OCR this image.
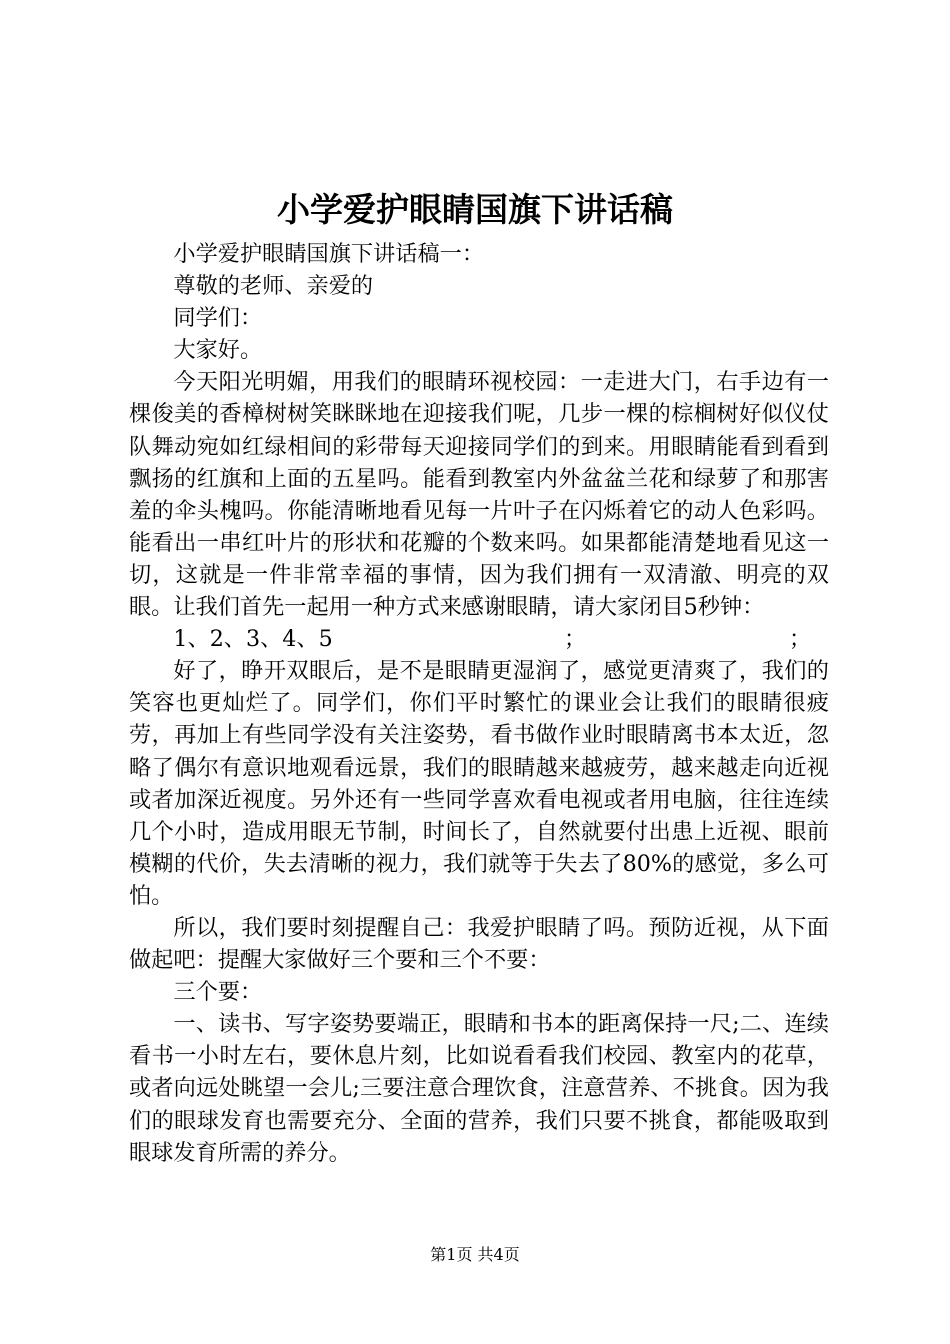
小学爱护眼睛国旗下讲话稿

小学爱护眼睛国旗下讲话稿一：

尊敬的老师、亲爱的

同学们：

大家好。

今天阳光明媚，用我们的眼睛环视校园：一走进大门，右手边有一棵俊美的香樟树树笑眯眯地在迎接我们呢，几步一棵的棕榈树好似仪仗队舞动宛如红绿相间的彩带每天迎接同学们的到来。用眼睛能看到看到飘扬的红旗和上面的五星吗。能看到教室内外盆盆兰花和绿萝了和那害羞的伞头槐吗。你能清晰地看见每一片叶子在闪烁着它的动人色彩吗。能看出一串红叶片的形状和花瓣的个数来吗。如果都能清楚地看见这一切，这就是一件非常幸福的事情，因为我们拥有一双清澈、明亮的双眼。让我们首先一起用一种方式来感谢眼睛，请大家闭目5秒钟：

1、2、3、4、5	；	；

好了，睁开双眼后，是不是眼睛更湿润了，感觉更清爽了，我们的笑容也更灿烂了。同学们，你们平时繁忙的课业会让我们的眼睛很疲劳，再加上有些同学没有关注姿势，看书做作业时眼睛离书本太近，忽略了偶尔有意识地观看远景，我们的眼睛越来越疲劳，越来越走向近视或者加深近视度。另外还有一些同学喜欢看电视或者用电脑，往往连续几个小时，造成用眼无节制，时间长了，自然就要付出患上近视、眼前模糊的代价，失去清晰的视力，我们就等于失去了80%的感觉，多么可怕。

所以，我们要时刻提醒自己：我爱护眼睛了吗。预防近视，从下面做起吧：提醒大家做好三个要和三个不要：

三个要：

一、读书、写字姿势要端正，眼睛和书本的距离保持一尺;二、连续看书一小时左右，要休息片刻，比如说看看我们校园、教室内的花草，或者向远处眺望一会儿;三要注意合理饮食，注意营养、不挑食。因为我们的眼球发育也需要充分、全面的营养，我们只要不挑食，都能吸取到眼球发育所需的养分。

第1页 共4页
